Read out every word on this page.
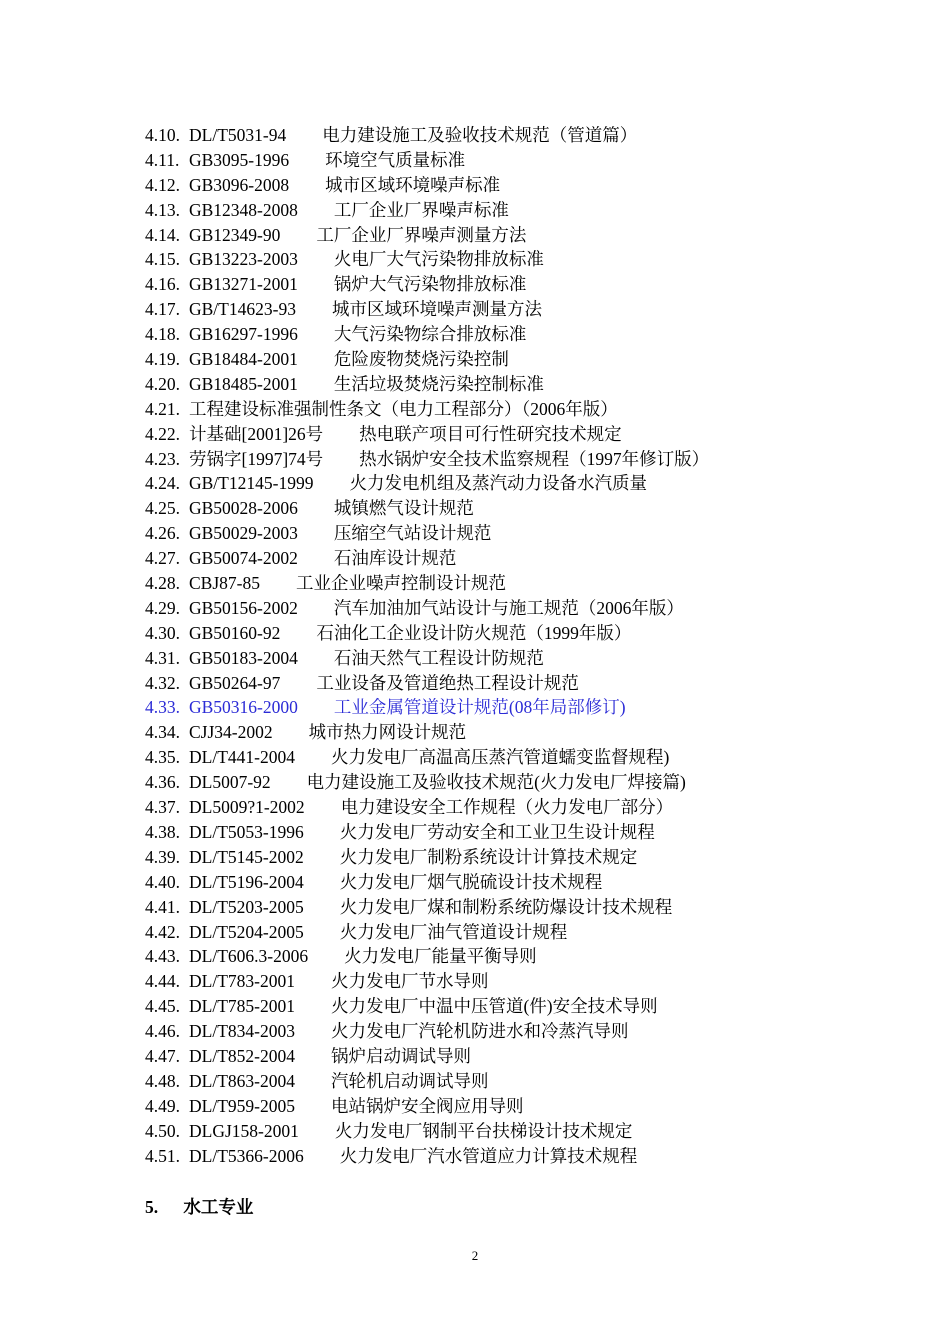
4.10. DL/T5031-94 电力建设施工及验收技术规范（管道篇）
4.11. GB3095-1996 环境空气质量标准
4.12. GB3096-2008 城市区域环境噪声标准
4.13. GB12348-2008 工厂企业厂界噪声标准
4.14. GB12349-90 工厂企业厂界噪声测量方法
4.15. GB13223-2003 火电厂大气污染物排放标准
4.16. GB13271-2001 锅炉大气污染物排放标准
4.17. GB/T14623-93 城市区域环境噪声测量方法
4.18. GB16297-1996 大气污染物综合排放标准
4.19. GB18484-2001 危险废物焚烧污染控制
4.20. GB18485-2001 生活垃圾焚烧污染控制标准
4.21. 工程建设标准强制性条文（电力工程部分）（2006年版）
4.22. 计基础[2001]26号 热电联产项目可行性研究技术规定
4.23. 劳锅字[1997]74号 热水锅炉安全技术监察规程（1997年修订版）
4.24. GB/T12145-1999 火力发电机组及蒸汽动力设备水汽质量
4.25. GB50028-2006 城镇燃气设计规范
4.26. GB50029-2003 压缩空气站设计规范
4.27. GB50074-2002 石油库设计规范
4.28. CBJ87-85 工业企业噪声控制设计规范
4.29. GB50156-2002 汽车加油加气站设计与施工规范（2006年版）
4.30. GB50160-92 石油化工企业设计防火规范（1999年版）
4.31. GB50183-2004 石油天然气工程设计防规范
4.32. GB50264-97 工业设备及管道绝热工程设计规范
4.33. GB50316-2000 工业金属管道设计规范(08年局部修订)
4.34. CJJ34-2002 城市热力网设计规范
4.35. DL/T441-2004 火力发电厂高温高压蒸汽管道蠕变监督规程)
4.36. DL5007-92 电力建设施工及验收技术规范(火力发电厂焊接篇)
4.37. DL5009?1-2002 电力建设安全工作规程（火力发电厂部分）
4.38. DL/T5053-1996 火力发电厂劳动安全和工业卫生设计规程
4.39. DL/T5145-2002 火力发电厂制粉系统设计计算技术规定
4.40. DL/T5196-2004 火力发电厂烟气脱硫设计技术规程
4.41. DL/T5203-2005 火力发电厂煤和制粉系统防爆设计技术规程
4.42. DL/T5204-2005 火力发电厂油气管道设计规程
4.43. DL/T606.3-2006 火力发电厂能量平衡导则
4.44. DL/T783-2001 火力发电厂节水导则
4.45. DL/T785-2001 火力发电厂中温中压管道(件)安全技术导则
4.46. DL/T834-2003 火力发电厂汽轮机防进水和冷蒸汽导则
4.47. DL/T852-2004 锅炉启动调试导则
4.48. DL/T863-2004 汽轮机启动调试导则
4.49. DL/T959-2005 电站锅炉安全阀应用导则
4.50. DLGJ158-2001 火力发电厂钢制平台扶梯设计技术规定
4.51. DL/T5366-2006 火力发电厂汽水管道应力计算技术规程
5. 水工专业
2
